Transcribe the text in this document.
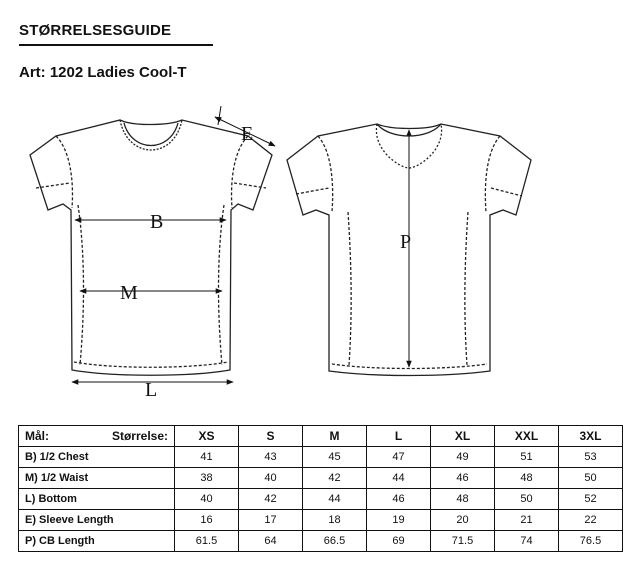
STØRRELSESGUIDE
Art: 1202 Ladies Cool-T
B
M
L
E
P
Mål: Størrelse:	XS	S	M	L	XL	XXL	3XL
B) 1/2 Chest	41	43	45	47	49	51	53
M) 1/2 Waist	38	40	42	44	46	48	50
L) Bottom	40	42	44	46	48	50	52
E) Sleeve Length	16	17	18	19	20	21	22
P) CB Length	61.5	64	66.5	69	71.5	74	76.5
